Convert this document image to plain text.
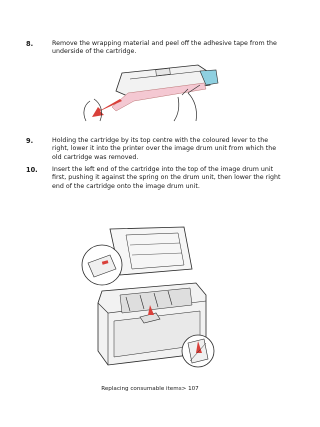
8.	Remove the wrapping material and peel off the adhesive tape from the underside of the cartridge.
9.	Holding the cartridge by its top centre with the coloured lever to the right, lower it into the printer over the image drum unit from which the old cartridge was removed.
10. Insert the left end of the cartridge into the top of the image drum unit first, pushing it against the spring on the drum unit, then lower the right end of the cartridge onto the image drum unit.
Replacing consumable items> 107
